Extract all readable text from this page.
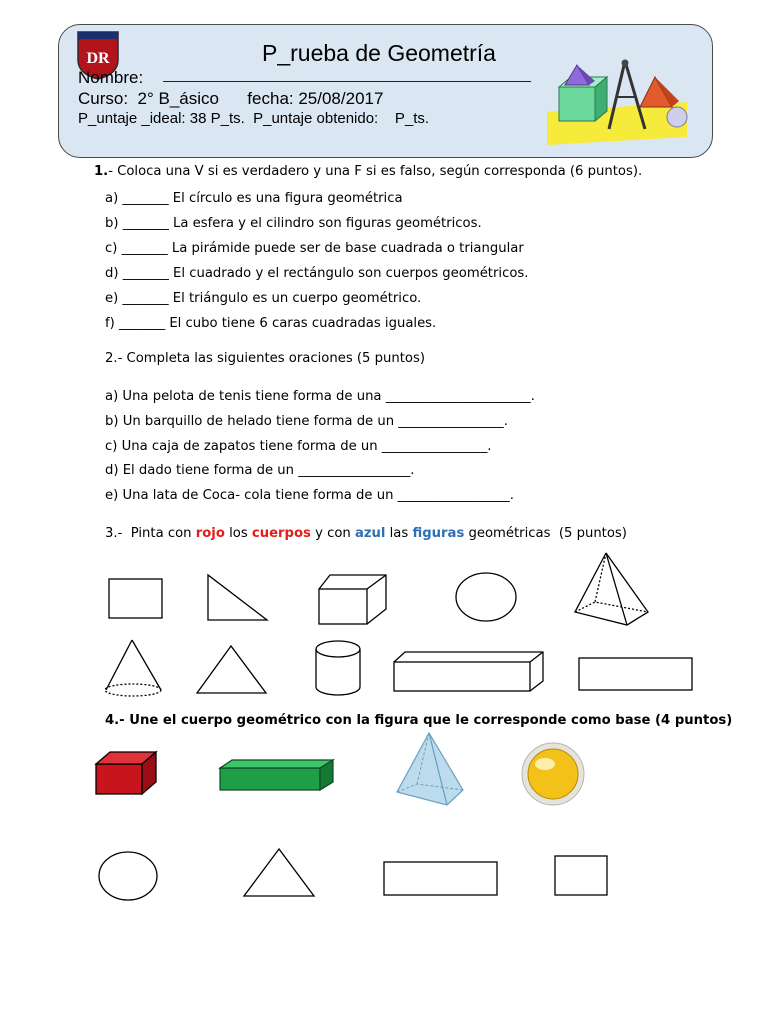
DR	P_rueba de Geometría
Nombre:
Curso:  2° B_ásico      fecha: 25/08/2017
P_untaje _ideal: 38 P_ts.  P_untaje obtenido:    P_ts.
1.- Coloca una V si es verdadero y una F si es falso, según corresponda (6 puntos).
a) _______ El círculo es una figura geométrica
b) _______ La esfera y el cilindro son figuras geométricos.
c) _______ La pirámide puede ser de base cuadrada o triangular
d) _______ El cuadrado y el rectángulo son cuerpos geométricos.
e) _______ El triángulo es un cuerpo geométrico.
f) _______ El cubo tiene 6 caras cuadradas iguales.
2.- Completa las siguientes oraciones (5 puntos)
a) Una pelota de tenis tiene forma de una ______________________.
b) Un barquillo de helado tiene forma de un ________________.
c) Una caja de zapatos tiene forma de un ________________.
d) El dado tiene forma de un _________________.
e) Una lata de Coca- cola tiene forma de un _________________.
3.-  Pinta con rojo los cuerpos y con azul las figuras geométricas  (5 puntos)
4.- Une el cuerpo geométrico con la figura que le corresponde como base (4 puntos)
